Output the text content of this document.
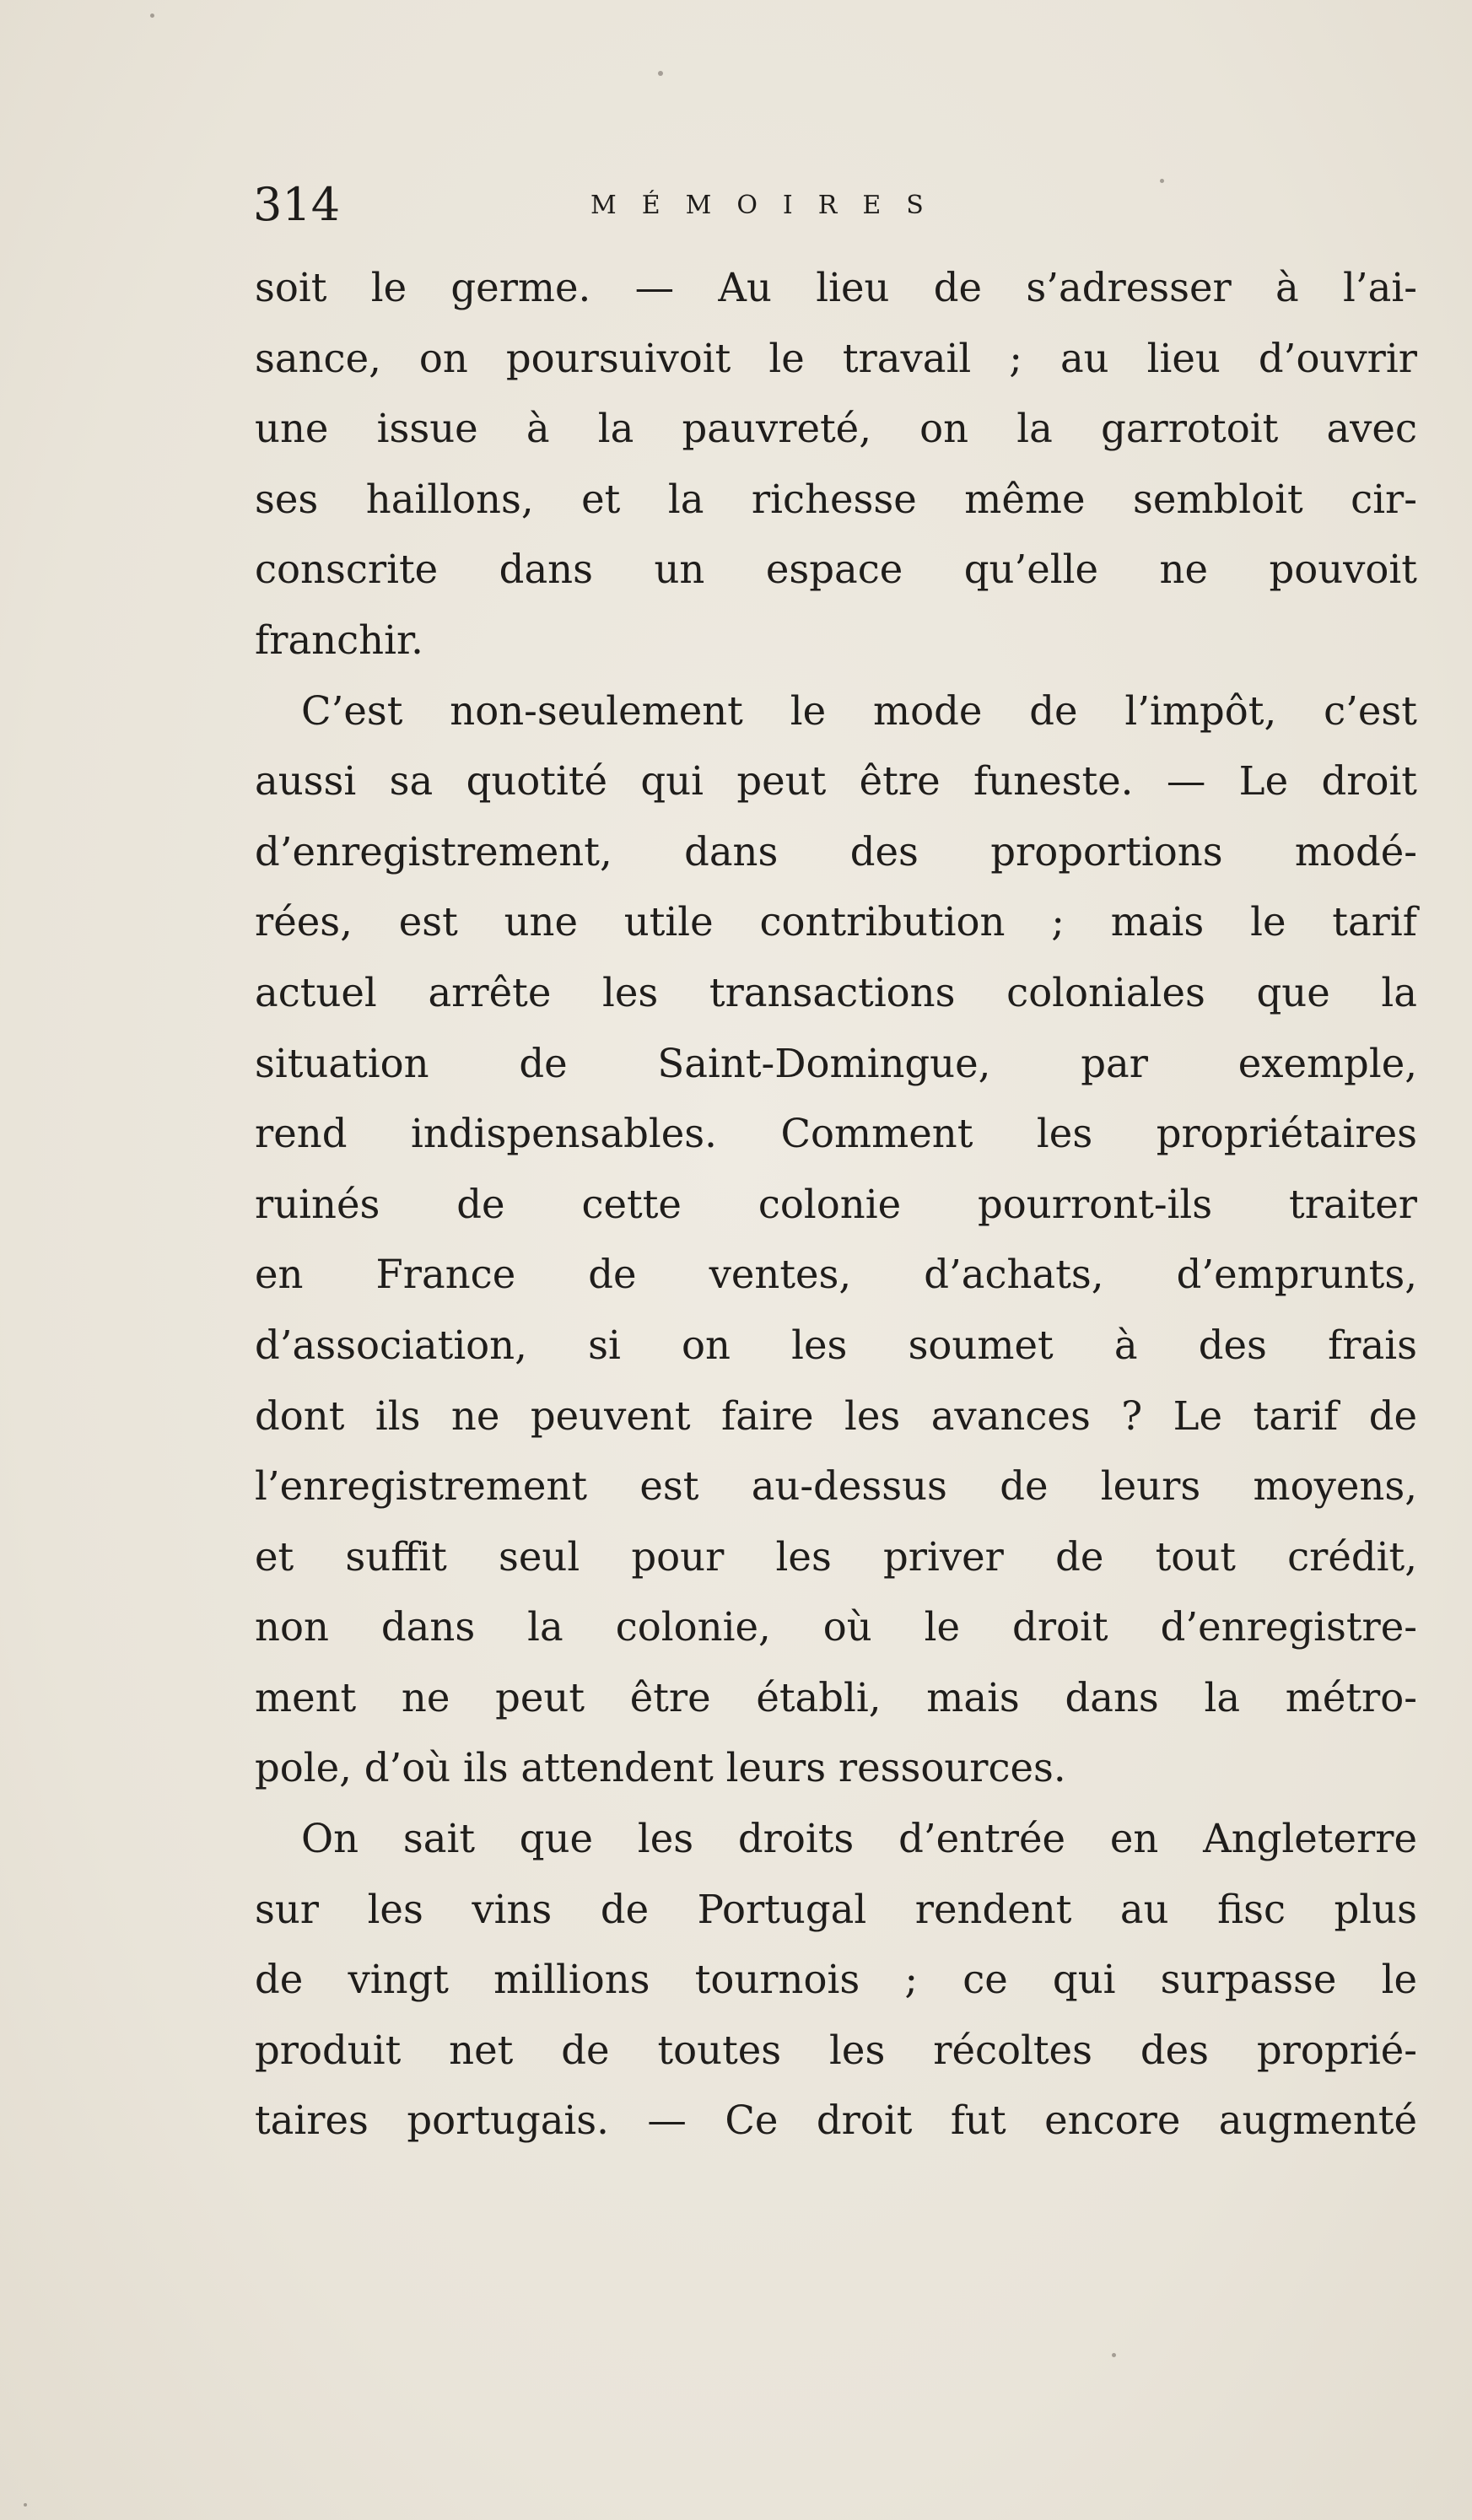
314	MÉMOIRES
soit le germe. — Au lieu de s’adresser à l’ai-
sance, on poursuivoit le travail ; au lieu d’ouvrir
une issue à la pauvreté, on la garrotoit avec
ses haillons, et la richesse même sembloit cir-
conscrite dans un espace qu’elle ne pouvoit
franchir.
C’est non-seulement le mode de l’impôt, c’est
aussi sa quotité qui peut être funeste. — Le droit
d’enregistrement, dans des proportions modé-
rées, est une utile contribution ; mais le tarif
actuel arrête les transactions coloniales que la
situation de Saint-Domingue, par exemple,
rend indispensables. Comment les propriétaires
ruinés de cette colonie pourront-ils traiter
en France de ventes, d’achats, d’emprunts,
d’association, si on les soumet à des frais
dont ils ne peuvent faire les avances ? Le tarif de
l’enregistrement est au-dessus de leurs moyens,
et suffit seul pour les priver de tout crédit,
non dans la colonie, où le droit d’enregistre-
ment ne peut être établi, mais dans la métro-
pole, d’où ils attendent leurs ressources.
On sait que les droits d’entrée en Angleterre
sur les vins de Portugal rendent au fisc plus
de vingt millions tournois ; ce qui surpasse le
produit net de toutes les récoltes des proprié-
taires portugais. — Ce droit fut encore augmenté
